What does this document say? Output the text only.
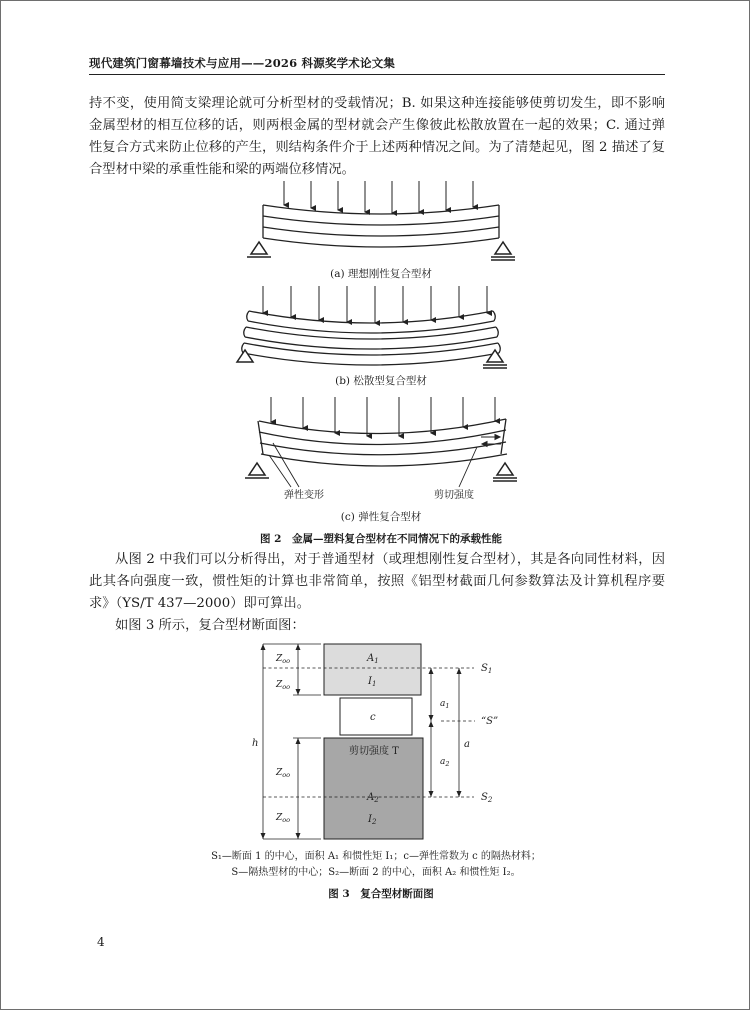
现代建筑门窗幕墙技术与应用——2026 科源奖学术论文集

持不变，使用简支梁理论就可分析型材的受载情况；B. 如果这种连接能够使剪切发生，即不影响金属型材的相互位移的话，则两根金属的型材就会产生像彼此松散放置在一起的效果；C. 通过弹性复合方式来防止位移的产生，则结构条件介于上述两种情况之间。为了清楚起见，图 2 描述了复合型材中梁的承重性能和梁的两端位移情况。

弹性变形	剪切强度
(a) 理想刚性复合型材
(b) 松散型复合型材
(c) 弹性复合型材
图 2　金属—塑料复合型材在不同情况下的承载性能

从图 2 中我们可以分析得出，对于普通型材（或理想刚性复合型材），其是各向同性材料，因此其各向强度一致，惯性矩的计算也非常简单，按照《铝型材截面几何参数算法及计算机程序要求》（YS/T 437—2000）即可算出。

如图 3 所示，复合型材断面图：

h
$Z_{oo}$
$Z_{oo}$
$Z_{oo}$
$Z_{oo}$
$A_1$
$I_1$
c
剪切强度 T
$A_2$
$I_2$
$a_1$
$a_2$
a
$S_1$
“S”
$S_2$
S₁—断面 1 的中心，面积 A₁ 和惯性矩 I₁；c—弹性常数为 c 的隔热材料；
S—隔热型材的中心；S₂—断面 2 的中心，面积 A₂ 和惯性矩 I₂。
图 3　复合型材断面图
4
